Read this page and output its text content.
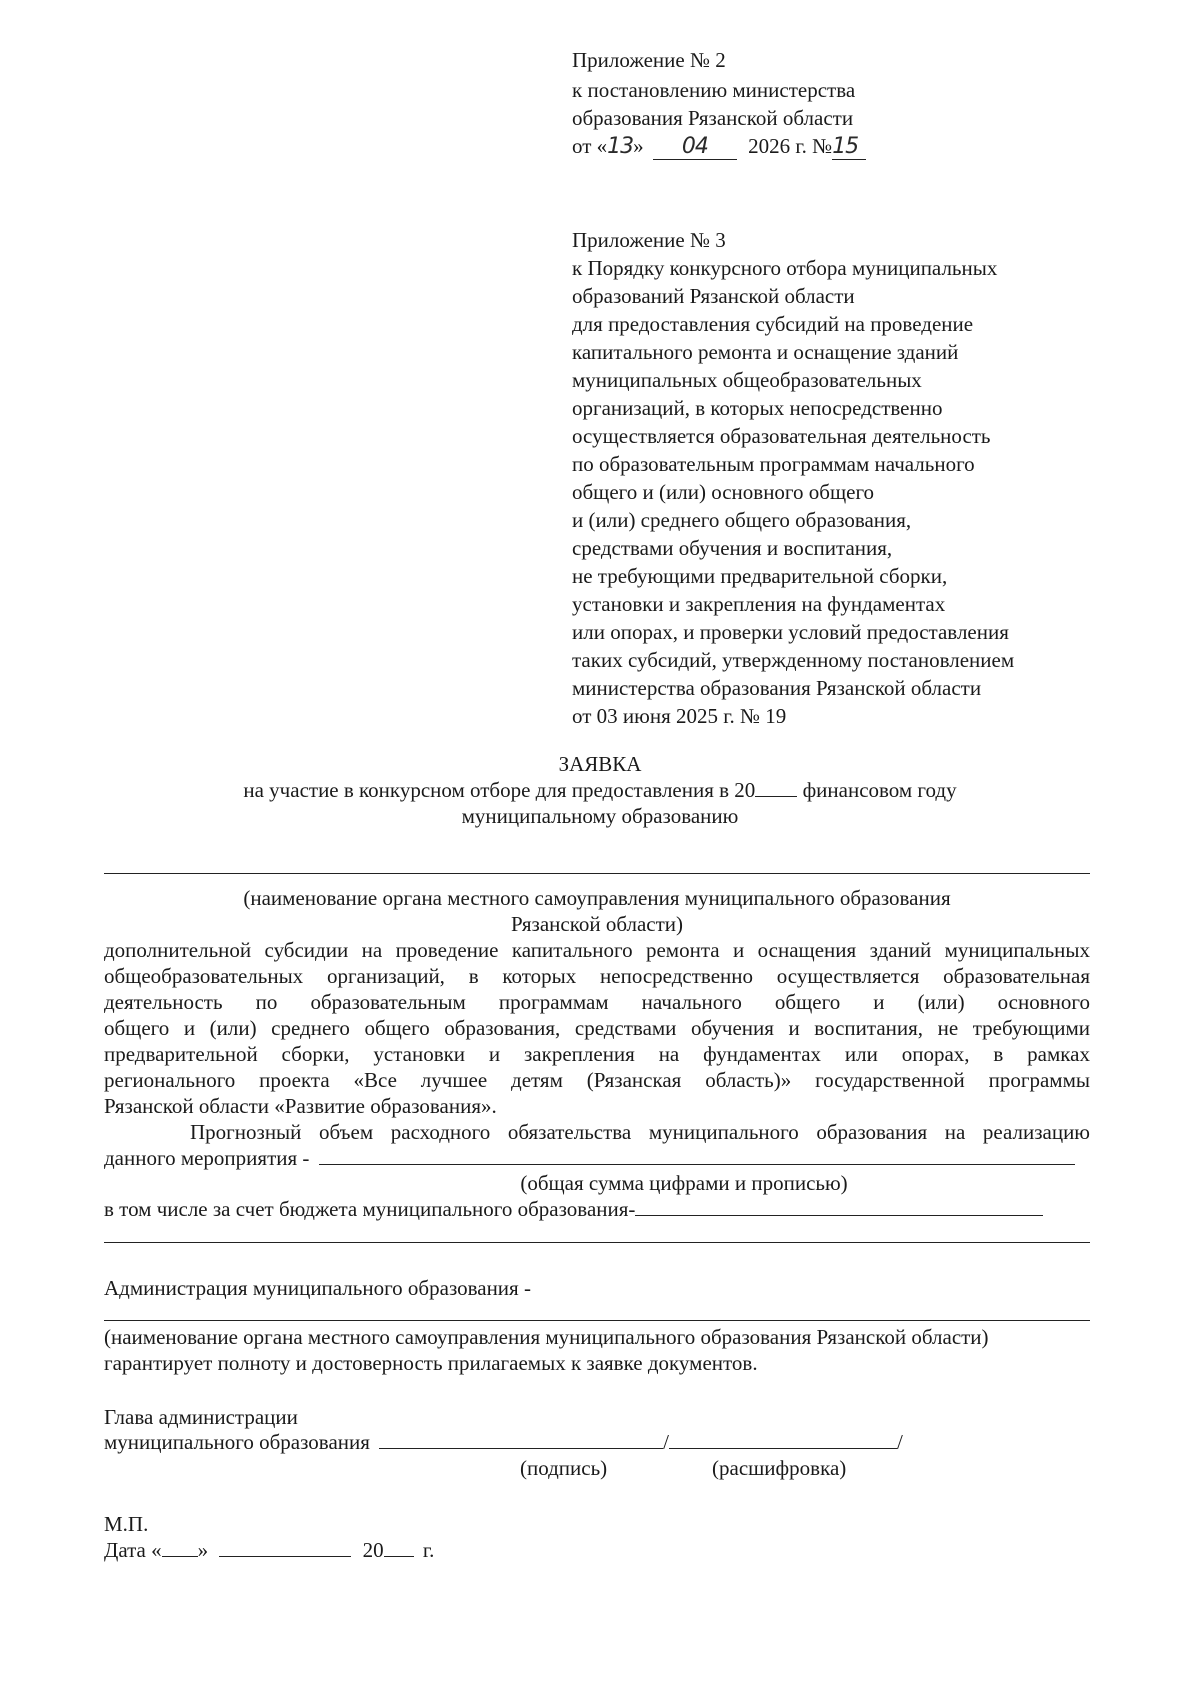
Приложение № 2
к постановлению министерства
образования Рязанской области
от «13» 04 2026 г. №15
Приложение № 3
к Порядку конкурсного отбора муниципальных
образований Рязанской области
для предоставления субсидий на проведение
капитального ремонта и оснащение зданий
муниципальных общеобразовательных
организаций, в которых непосредственно
осуществляется образовательная деятельность
по образовательным программам начального
общего и (или) основного общего
и (или) среднего общего образования,
средствами обучения и воспитания,
не требующими предварительной сборки,
установки и закрепления на фундаментах
или опорах, и проверки условий предоставления
таких субсидий, утвержденному постановлением
министерства образования Рязанской области
от 03 июня 2025 г. № 19
ЗАЯВКА
на участие в конкурсном отборе для предоставления в 20 финансовом году
муниципальному образованию
(наименование органа местного самоуправления муниципального образования
Рязанской области)
дополнительной субсидии на проведение капитального ремонта и оснащения зданий муниципальных
общеобразовательных организаций, в которых непосредственно осуществляется образовательная
деятельность по образовательным программам начального общего и (или) основного
общего и (или) среднего общего образования, средствами обучения и воспитания, не требующими
предварительной сборки, установки и закрепления на фундаментах или опорах, в рамках
регионального проекта «Все лучшее детям (Рязанская область)» государственной программы
Рязанской области «Развитие образования».
Прогнозный объем расходного обязательства муниципального образования на реализацию
данного мероприятия -
(общая сумма цифрами и прописью)
в том числе за счет бюджета муниципального образования-
Администрация муниципального образования -
(наименование органа местного самоуправления муниципального образования Рязанской области)
гарантирует полноту и достоверность прилагаемых к заявке документов.
Глава администрации
муниципального образования	/	/
(подпись)	(расшифровка)
М.П.
Дата « »	20 г.
